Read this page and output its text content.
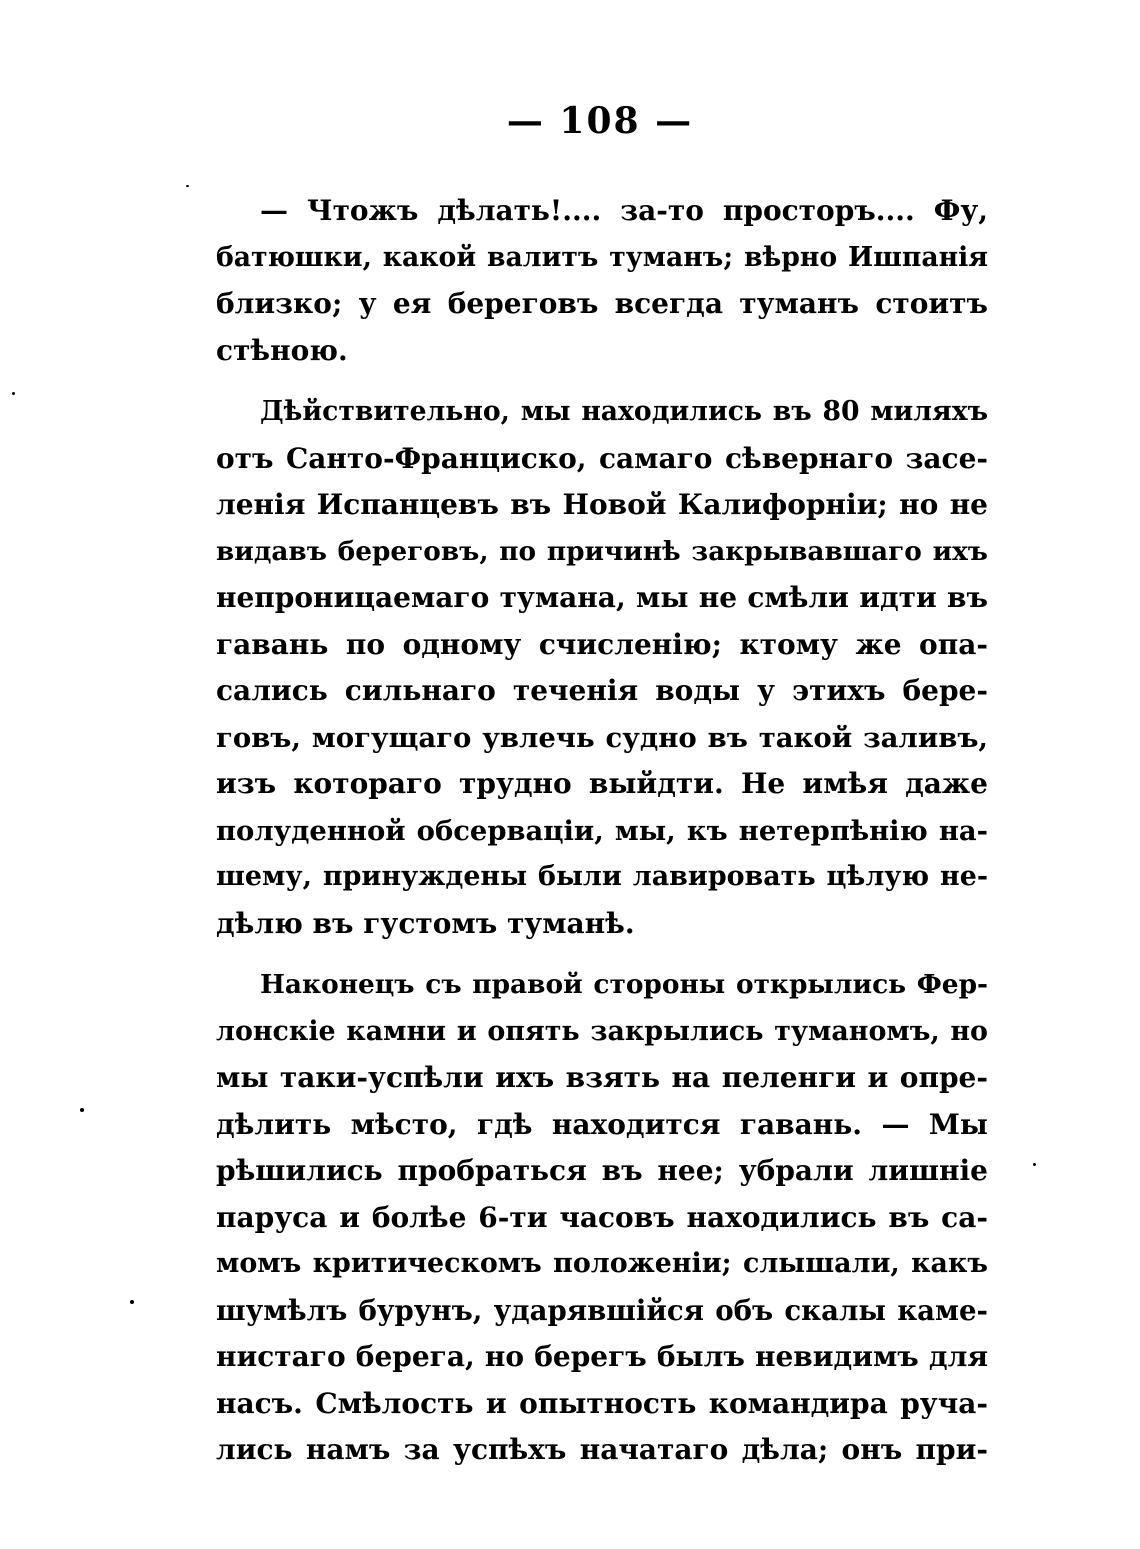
— 108 —
— Чтожъ дѣлать!.... за-то просторъ.... Фу,
батюшки, какой валитъ туманъ; вѣрно Ишпанія
близко; у ея береговъ всегда туманъ стоитъ
стѣною.
Дѣйствительно, мы находились въ 80 миляхъ
отъ Санто-Франциско, самаго сѣвернаго засе-
ленія Испанцевъ въ Новой Калифорніи; но не
видавъ береговъ, по причинѣ закрывавшаго ихъ
непроницаемаго тумана, мы не смѣли идти въ
гавань по одному счисленію; ктому же опа-
сались сильнаго теченія воды у этихъ бере-
говъ, могущаго увлечь судно въ такой заливъ,
изъ котораго трудно выйдти. Не имѣя даже
полуденной обсерваціи, мы, къ нетерпѣнію на-
шему, принуждены были лавировать цѣлую не-
дѣлю въ густомъ туманѣ.
Наконецъ съ правой стороны открылись Фер-
лонскіе камни и опять закрылись туманомъ, но
мы таки-успѣли ихъ взять на пеленги и опре-
дѣлить мѣсто, гдѣ находится гавань. — Мы
рѣшились пробраться въ нее; убрали лишніе
паруса и болѣе 6-ти часовъ находились въ са-
момъ критическомъ положеніи; слышали, какъ
шумѣлъ бурунъ, ударявшійся объ скалы каме-
нистаго берега, но берегъ былъ невидимъ для
насъ. Смѣлость и опытность командира руча-
лись намъ за успѣхъ начатаго дѣла; онъ при-
